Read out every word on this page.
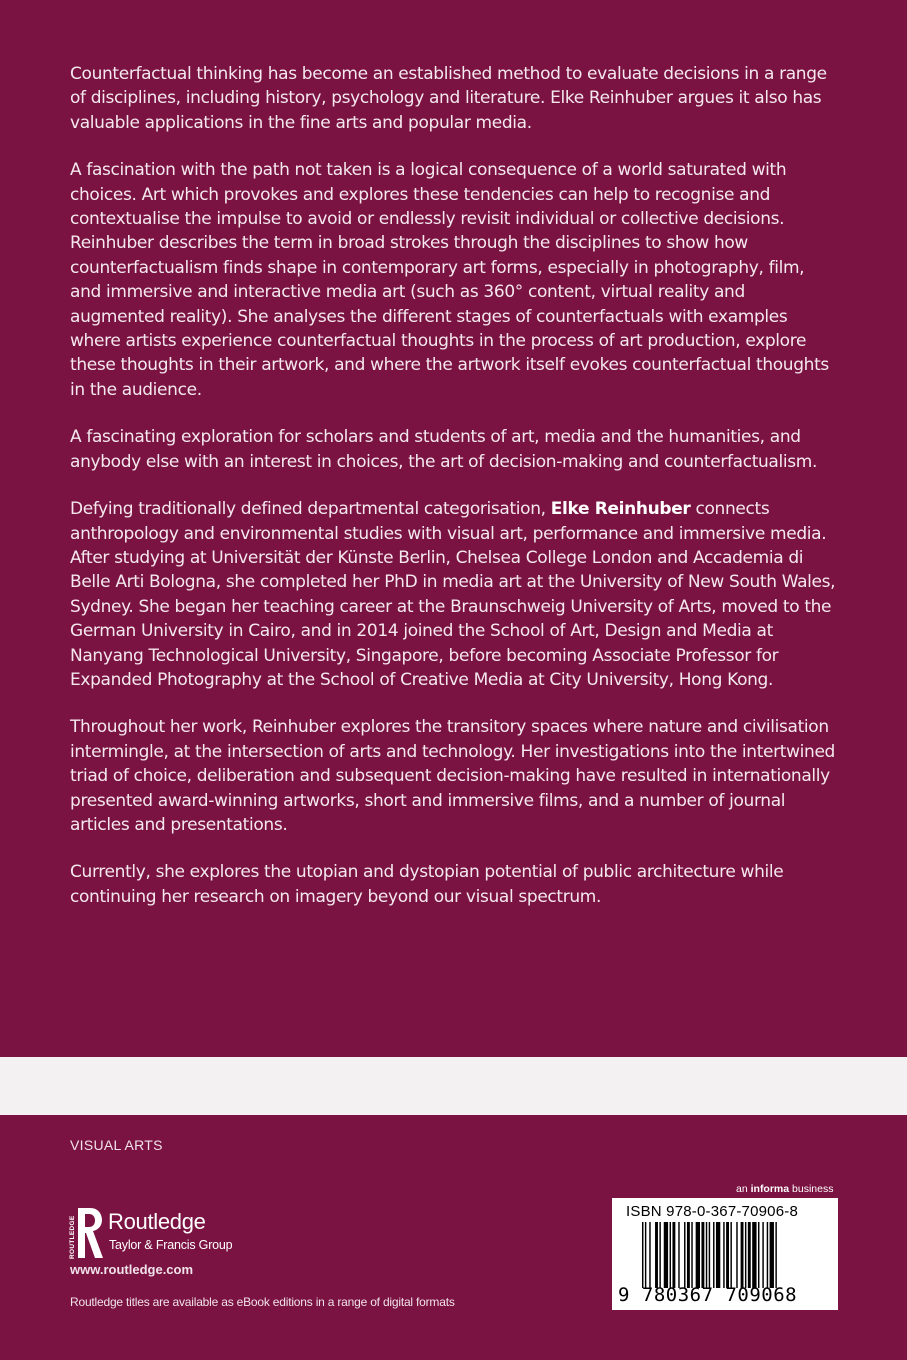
Counterfactual thinking has become an established method to evaluate decisions in a range of disciplines, including history, psychology and literature. Elke Reinhuber argues it also has valuable applications in the fine arts and popular media.

A fascination with the path not taken is a logical consequence of a world saturated with choices. Art which provokes and explores these tendencies can help to recognise and contextualise the impulse to avoid or endlessly revisit individual or collective decisions. Reinhuber describes the term in broad strokes through the disciplines to show how counterfactualism finds shape in contemporary art forms, especially in photography, film, and immersive and interactive media art (such as 360° content, virtual reality and augmented reality). She analyses the different stages of counterfactuals with examples where artists experience counterfactual thoughts in the process of art production, explore these thoughts in their artwork, and where the artwork itself evokes counterfactual thoughts in the audience.

A fascinating exploration for scholars and students of art, media and the humanities, and anybody else with an interest in choices, the art of decision-making and counterfactualism.

Defying traditionally defined departmental categorisation, Elke Reinhuber connects anthropology and environmental studies with visual art, performance and immersive media. After studying at Universität der Künste Berlin, Chelsea College London and Accademia di Belle Arti Bologna, she completed her PhD in media art at the University of New South Wales, Sydney. She began her teaching career at the Braunschweig University of Arts, moved to the German University in Cairo, and in 2014 joined the School of Art, Design and Media at Nanyang Technological University, Singapore, before becoming Associate Professor for Expanded Photography at the School of Creative Media at City University, Hong Kong.

Throughout her work, Reinhuber explores the transitory spaces where nature and civilisation intermingle, at the intersection of arts and technology. Her investigations into the intertwined triad of choice, deliberation and subsequent decision-making have resulted in internationally presented award-winning artworks, short and immersive films, and a number of journal articles and presentations.

Currently, she explores the utopian and dystopian potential of public architecture while continuing her research on imagery beyond our visual spectrum.

VISUAL ARTS
ROUTLEDGE Routledge
Taylor & Francis Group
www.routledge.com
Routledge titles are available as eBook editions in a range of digital formats
an informa business
ISBN 978-0-367-70906-8
9 780367 709068
